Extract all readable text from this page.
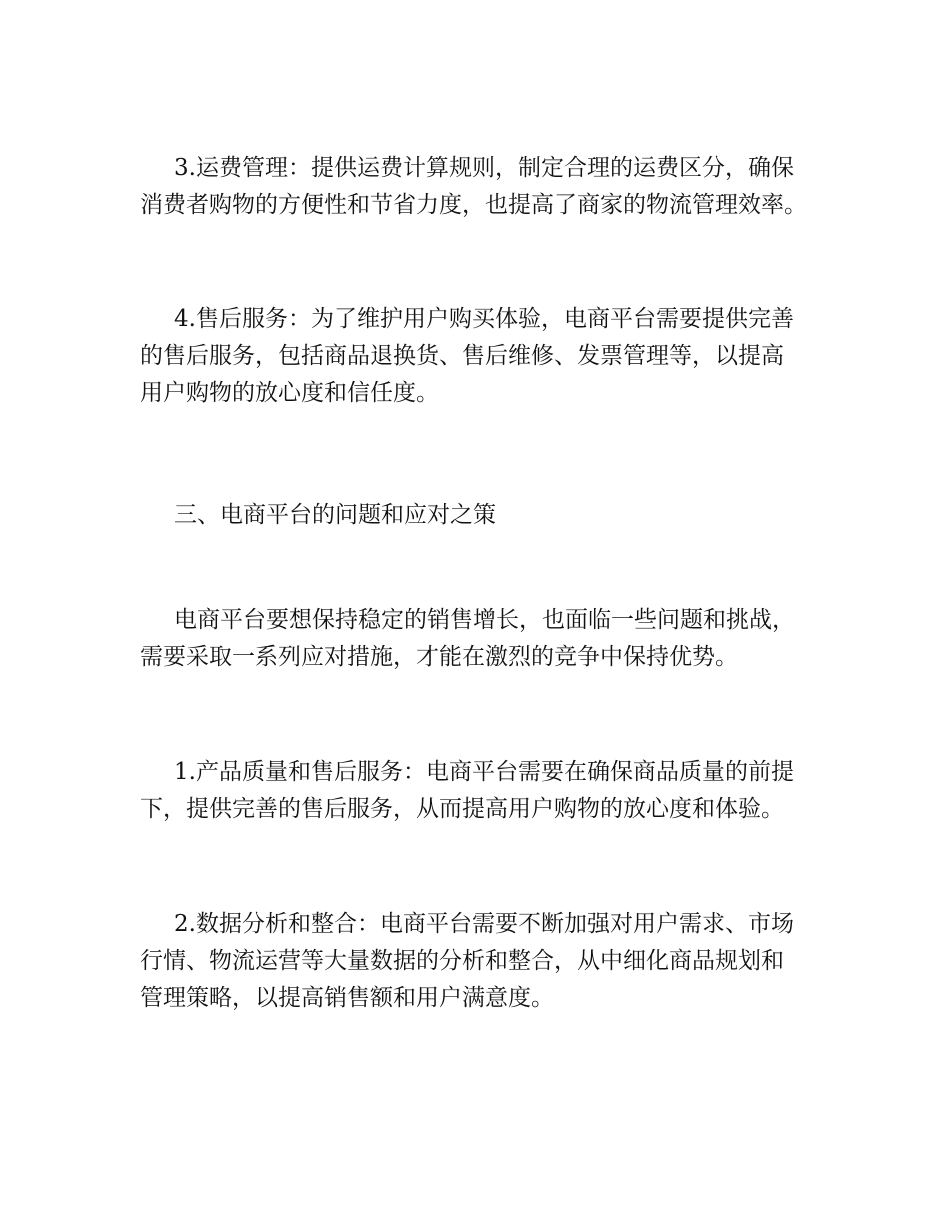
3.运费管理：提供运费计算规则，制定合理的运费区分，确保
消费者购物的方便性和节省力度，也提高了商家的物流管理效率。

4.售后服务：为了维护用户购买体验，电商平台需要提供完善
的售后服务，包括商品退换货、售后维修、发票管理等，以提高
用户购物的放心度和信任度。

三、电商平台的问题和应对之策

电商平台要想保持稳定的销售增长，也面临一些问题和挑战，
需要采取一系列应对措施，才能在激烈的竞争中保持优势。

1.产品质量和售后服务：电商平台需要在确保商品质量的前提
下，提供完善的售后服务，从而提高用户购物的放心度和体验。

2.数据分析和整合：电商平台需要不断加强对用户需求、市场
行情、物流运营等大量数据的分析和整合，从中细化商品规划和
管理策略，以提高销售额和用户满意度。
